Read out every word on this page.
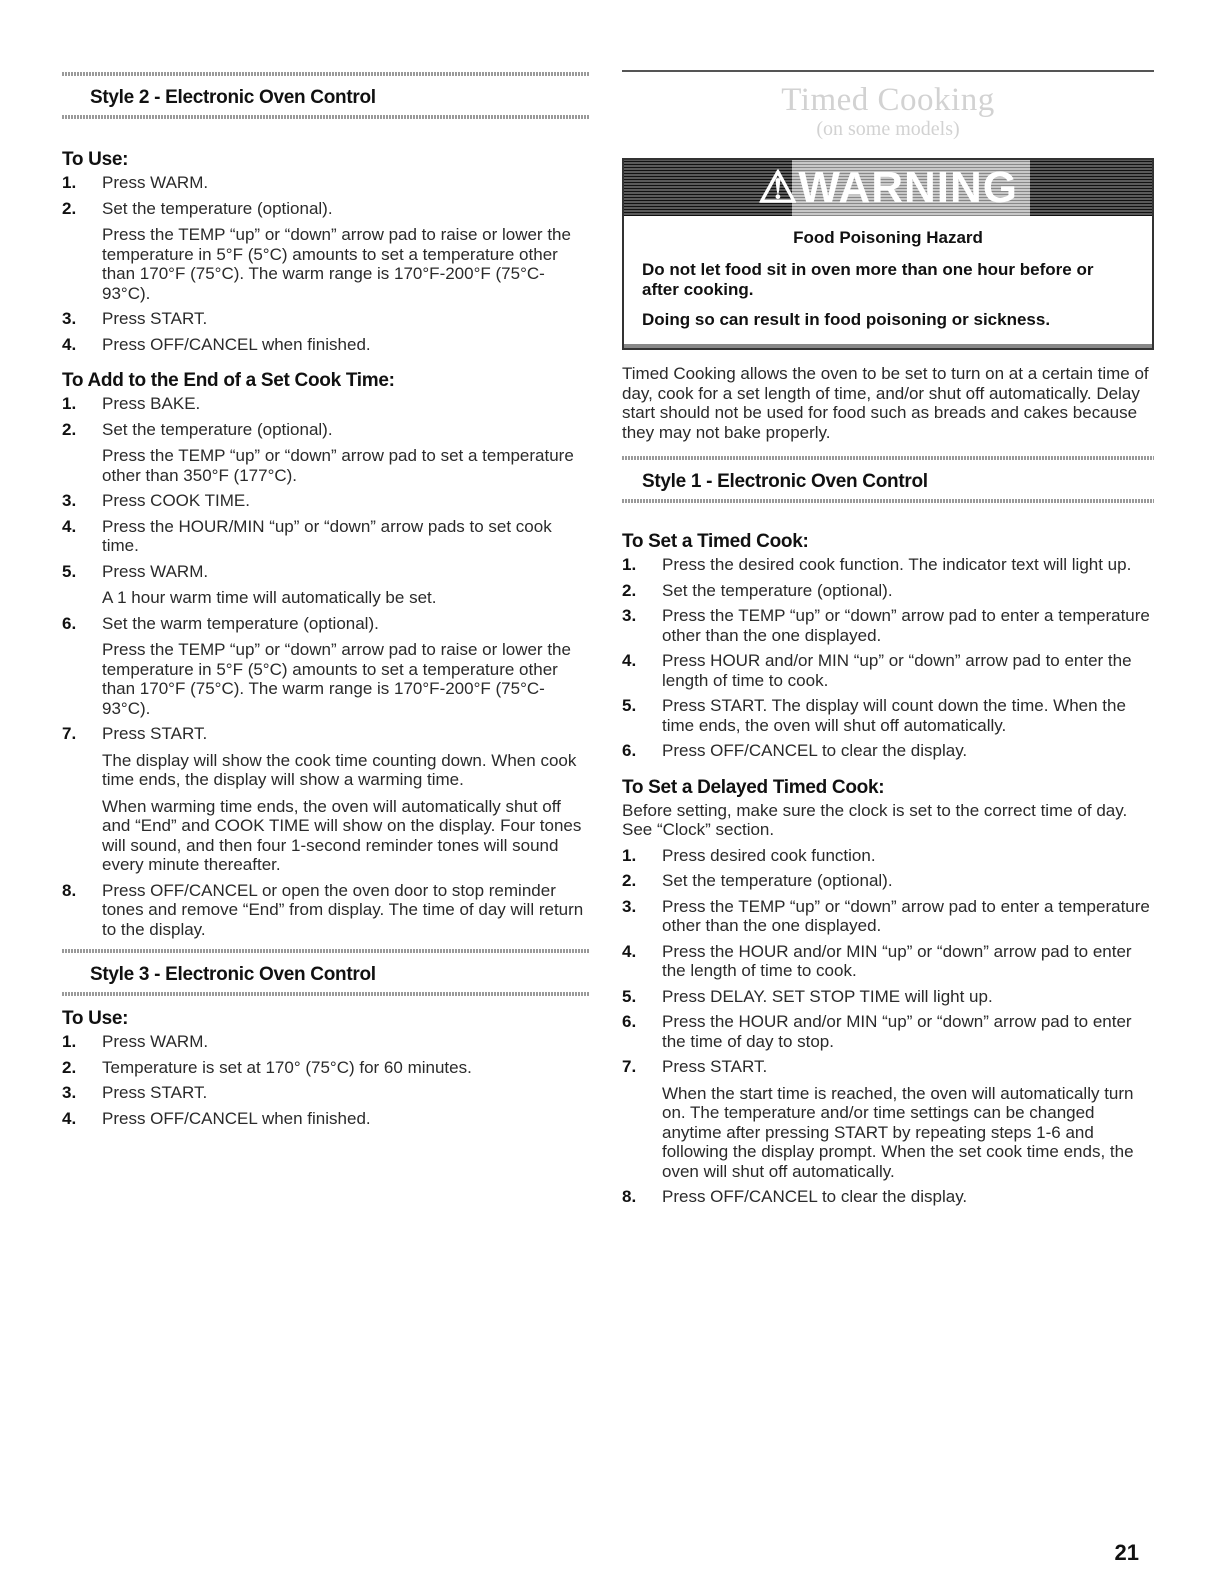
Style 2 - Electronic Oven Control
To Use:
1. Press WARM.
2. Set the temperature (optional).
Press the TEMP “up” or “down” arrow pad to raise or lower the temperature in 5°F (5°C) amounts to set a temperature other than 170°F (75°C). The warm range is 170°F-200°F (75°C-93°C).
3. Press START.
4. Press OFF/CANCEL when finished.
To Add to the End of a Set Cook Time:
1. Press BAKE.
2. Set the temperature (optional).
Press the TEMP “up” or “down” arrow pad to set a temperature other than 350°F (177°C).
3. Press COOK TIME.
4. Press the HOUR/MIN “up” or “down” arrow pads to set cook time.
5. Press WARM.
A 1 hour warm time will automatically be set.
6. Set the warm temperature (optional).
Press the TEMP “up” or “down” arrow pad to raise or lower the temperature in 5°F (5°C) amounts to set a temperature other than 170°F (75°C). The warm range is 170°F-200°F (75°C-93°C).
7. Press START.
The display will show the cook time counting down. When cook time ends, the display will show a warming time.
When warming time ends, the oven will automatically shut off and “End” and COOK TIME will show on the display. Four tones will sound, and then four 1-second reminder tones will sound every minute thereafter.
8. Press OFF/CANCEL or open the oven door to stop reminder tones and remove “End” from display. The time of day will return to the display.
Style 3 - Electronic Oven Control
To Use:
1. Press WARM.
2. Temperature is set at 170° (75°C) for 60 minutes.
3. Press START.
4. Press OFF/CANCEL when finished.
Timed Cooking
(on some models)
⚠WARNING
Food Poisoning Hazard
Do not let food sit in oven more than one hour before or after cooking.
Doing so can result in food poisoning or sickness.

Timed Cooking allows the oven to be set to turn on at a certain time of day, cook for a set length of time, and/or shut off automatically. Delay start should not be used for food such as breads and cakes because they may not bake properly.

Style 1 - Electronic Oven Control
To Set a Timed Cook:
1. Press the desired cook function. The indicator text will light up.
2. Set the temperature (optional).
3. Press the TEMP “up” or “down” arrow pad to enter a temperature other than the one displayed.
4. Press HOUR and/or MIN “up” or “down” arrow pad to enter the length of time to cook.
5. Press START. The display will count down the time. When the time ends, the oven will shut off automatically.
6. Press OFF/CANCEL to clear the display.
To Set a Delayed Timed Cook:

Before setting, make sure the clock is set to the correct time of day. See “Clock” section.

1. Press desired cook function.
2. Set the temperature (optional).
3. Press the TEMP “up” or “down” arrow pad to enter a temperature other than the one displayed.
4. Press the HOUR and/or MIN “up” or “down” arrow pad to enter the length of time to cook.
5. Press DELAY. SET STOP TIME will light up.
6. Press the HOUR and/or MIN “up” or “down” arrow pad to enter the time of day to stop.
7. Press START.
When the start time is reached, the oven will automatically turn on. The temperature and/or time settings can be changed anytime after pressing START by repeating steps 1-6 and following the display prompt. When the set cook time ends, the oven will shut off automatically.
8. Press OFF/CANCEL to clear the display.
21
